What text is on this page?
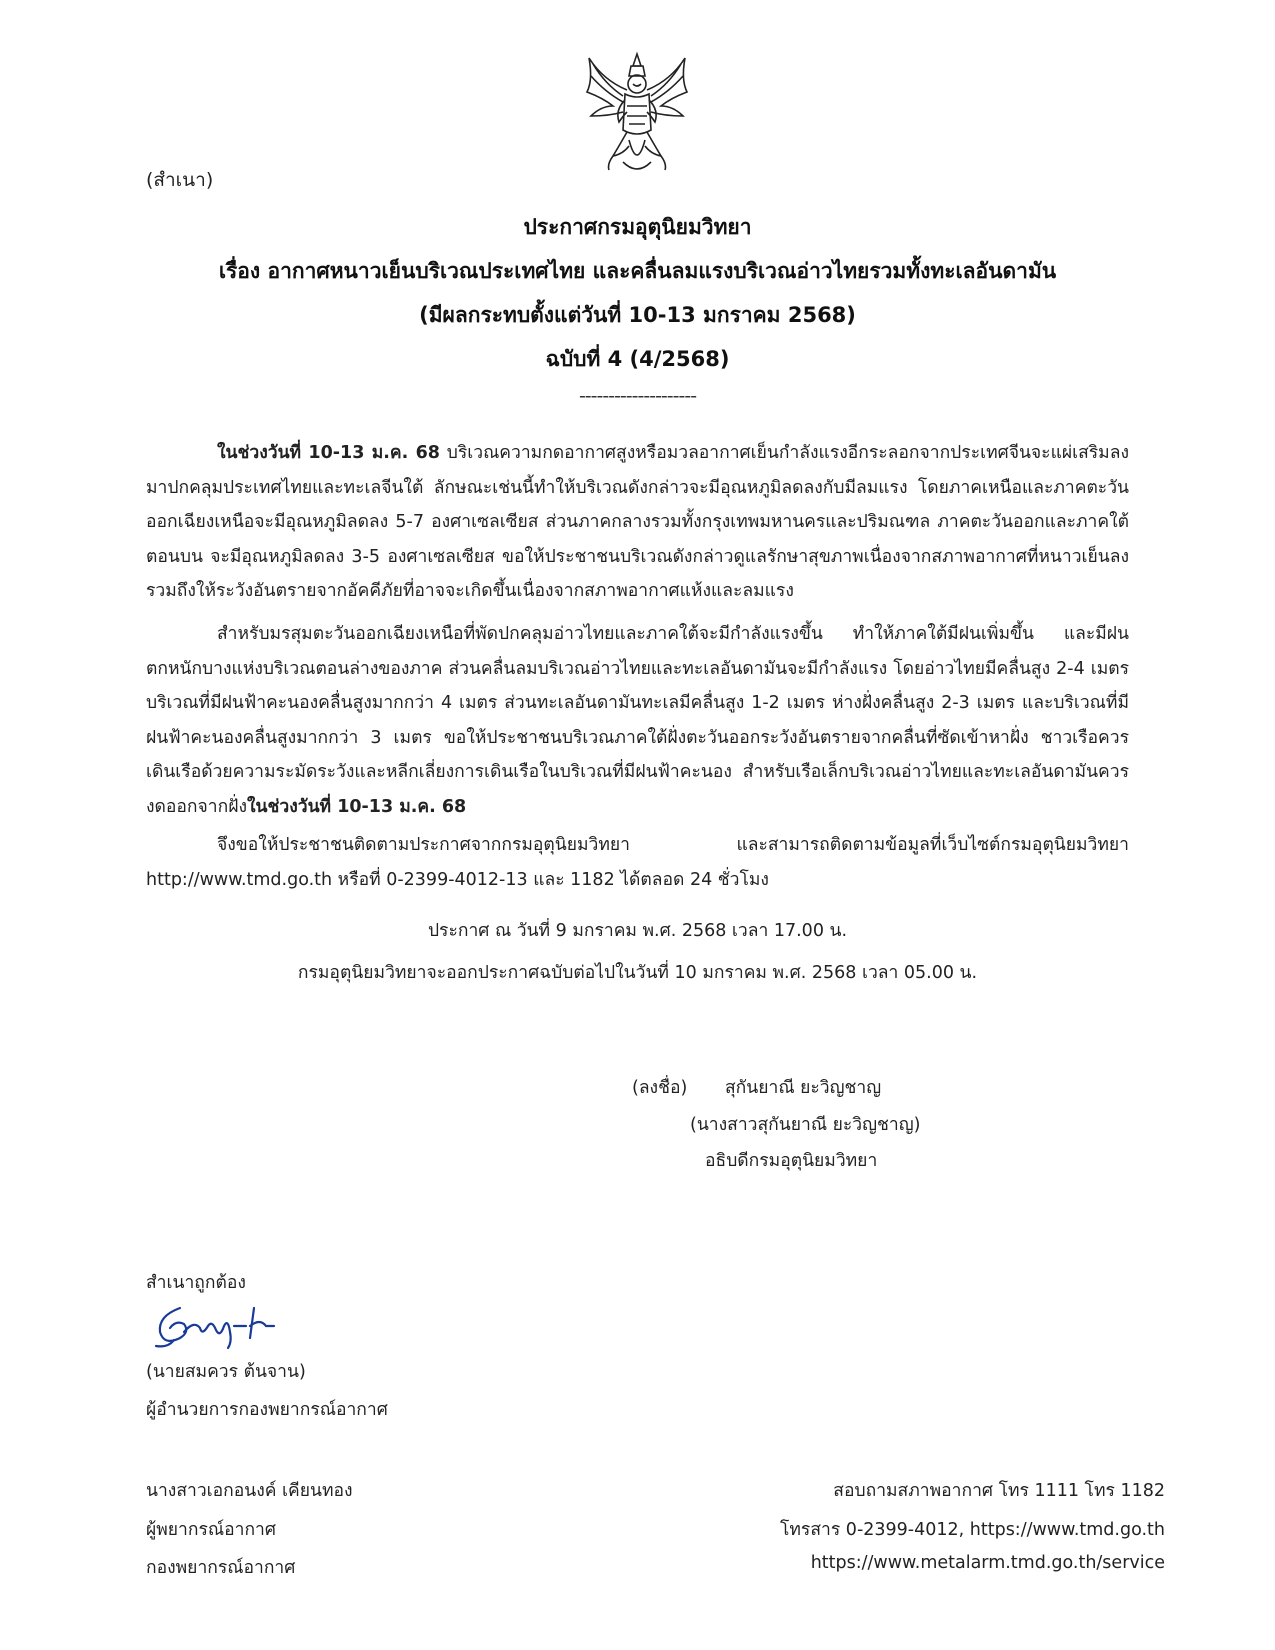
(สำเนา)
ประกาศกรมอุตุนิยมวิทยา
เรื่อง อากาศหนาวเย็นบริเวณประเทศไทย และคลื่นลมแรงบริเวณอ่าวไทยรวมทั้งทะเลอันดามัน
(มีผลกระทบตั้งแต่วันที่ 10-13 มกราคม 2568)
ฉบับที่ 4 (4/2568)
--------------------

ในช่วงวันที่ 10-13 ม.ค. 68 บริเวณความกดอากาศสูงหรือมวลอากาศเย็นกำลังแรงอีกระลอกจากประเทศจีนจะแผ่เสริมลงมาปกคลุมประเทศไทยและทะเลจีนใต้ ลักษณะเช่นนี้ทำให้บริเวณดังกล่าวจะมีอุณหภูมิลดลงกับมีลมแรง โดยภาคเหนือและภาคตะวันออกเฉียงเหนือจะมีอุณหภูมิลดลง 5-7 องศาเซลเซียส ส่วนภาคกลางรวมทั้งกรุงเทพมหานครและปริมณฑล ภาคตะวันออกและภาคใต้ตอนบน จะมีอุณหภูมิลดลง 3-5 องศาเซลเซียส ขอให้ประชาชนบริเวณดังกล่าวดูแลรักษาสุขภาพเนื่องจากสภาพอากาศที่หนาวเย็นลง รวมถึงให้ระวังอันตรายจากอัคคีภัยที่อาจจะเกิดขึ้นเนื่องจากสภาพอากาศแห้งและลมแรง

สำหรับมรสุมตะวันออกเฉียงเหนือที่พัดปกคลุมอ่าวไทยและภาคใต้จะมีกำลังแรงขึ้น ทำให้ภาคใต้มีฝนเพิ่มขึ้น และมีฝนตกหนักบางแห่งบริเวณตอนล่างของภาค ส่วนคลื่นลมบริเวณอ่าวไทยและทะเลอันดามันจะมีกำลังแรง โดยอ่าวไทยมีคลื่นสูง 2-4 เมตร บริเวณที่มีฝนฟ้าคะนองคลื่นสูงมากกว่า 4 เมตร ส่วนทะเลอันดามันทะเลมีคลื่นสูง 1-2 เมตร ห่างฝั่งคลื่นสูง 2-3 เมตร และบริเวณที่มีฝนฟ้าคะนองคลื่นสูงมากกว่า 3 เมตร ขอให้ประชาชนบริเวณภาคใต้ฝั่งตะวันออกระวังอันตรายจากคลื่นที่ซัดเข้าหาฝั่ง ชาวเรือควรเดินเรือด้วยความระมัดระวังและหลีกเลี่ยงการเดินเรือในบริเวณที่มีฝนฟ้าคะนอง สำหรับเรือเล็กบริเวณอ่าวไทยและทะเลอันดามันควรงดออกจากฝั่งในช่วงวันที่ 10-13 ม.ค. 68

จึงขอให้ประชาชนติดตามประกาศจากกรมอุตุนิยมวิทยา และสามารถติดตามข้อมูลที่เว็บไซต์กรมอุตุนิยมวิทยา http://www.tmd.go.th หรือที่ 0-2399-4012-13 และ 1182 ได้ตลอด 24 ชั่วโมง

ประกาศ ณ วันที่ 9 มกราคม พ.ศ. 2568 เวลา 17.00 น.
กรมอุตุนิยมวิทยาจะออกประกาศฉบับต่อไปในวันที่ 10 มกราคม พ.ศ. 2568 เวลา 05.00 น.
(ลงชื่อ) สุกันยาณี ยะวิญชาญ
(นางสาวสุกันยาณี ยะวิญชาญ)
อธิบดีกรมอุตุนิยมวิทยา
สำเนาถูกต้อง
(นายสมควร ต้นจาน)
ผู้อำนวยการกองพยากรณ์อากาศ
นางสาวเอกอนงค์ เคียนทอง
ผู้พยากรณ์อากาศ
กองพยากรณ์อากาศ
สอบถามสภาพอากาศ โทร 1111 โทร 1182
โทรสาร 0-2399-4012, https://www.tmd.go.th
https://www.metalarm.tmd.go.th/service
